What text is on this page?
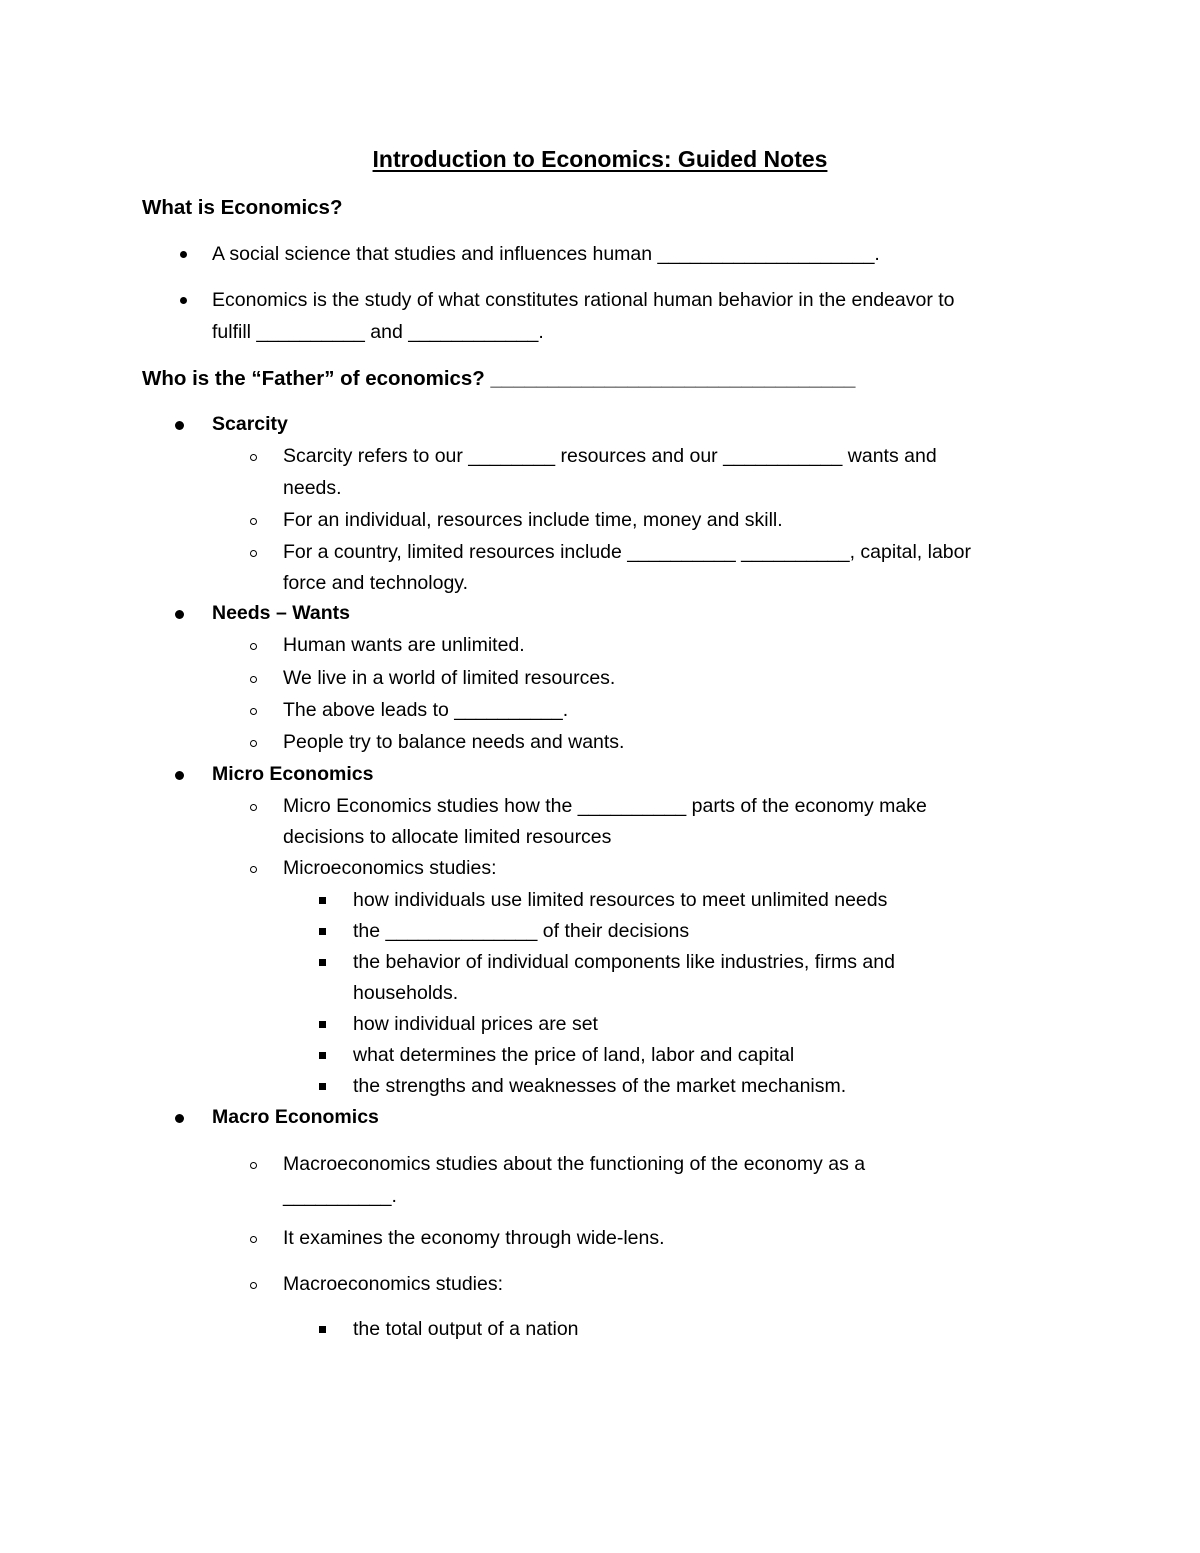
Introduction to Economics: Guided Notes
What is Economics?
A social science that studies and influences human ____________________.
Economics is the study of what constitutes rational human behavior in the endeavor to
fulfill __________ and ____________.
Who is the “Father” of economics? ________________________________
Scarcity
Scarcity refers to our ________ resources and our ___________ wants and
needs.
For an individual, resources include time, money and skill.
For a country, limited resources include __________ __________, capital, labor
force and technology.
Needs – Wants
Human wants are unlimited.
We live in a world of limited resources.
The above leads to __________.
People try to balance needs and wants.
Micro Economics
Micro Economics studies how the __________ parts of the economy make
decisions to allocate limited resources
Microeconomics studies:
how individuals use limited resources to meet unlimited needs
the ______________ of their decisions
the behavior of individual components like industries, firms and
households.
how individual prices are set
what determines the price of land, labor and capital
the strengths and weaknesses of the market mechanism.
Macro Economics
Macroeconomics studies about the functioning of the economy as a
__________.
It examines the economy through wide-lens.
Macroeconomics studies:
the total output of a nation
